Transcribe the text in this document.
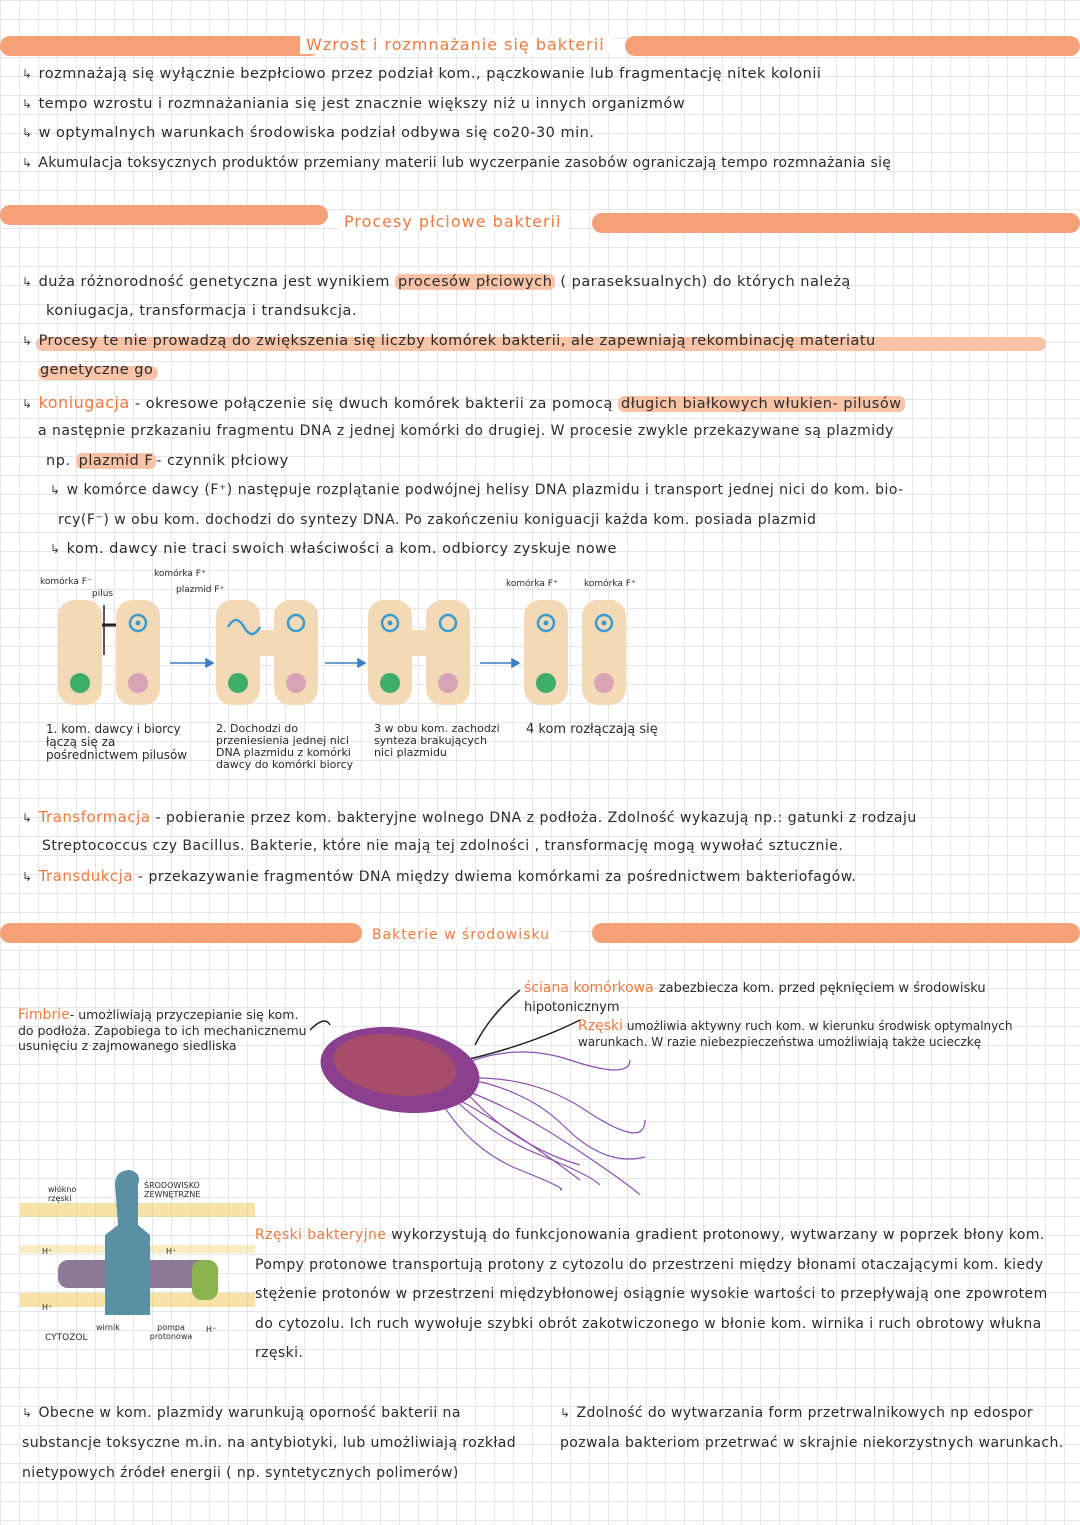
Wzrost i rozmnażanie się bakterii
↳ rozmnażają się wyłącznie bezpłciowo przez podział kom., pączkowanie lub fragmentację nitek kolonii
↳ tempo wzrostu i rozmnażaniania się jest znacznie większy niż u innych organizmów
↳ w optymalnych warunkach środowiska podział odbywa się co20-30 min.
↳ Akumulacja toksycznych produktów przemiany materii lub wyczerpanie zasobów ograniczają tempo rozmnażania się
Procesy płciowe bakterii
↳ duża różnorodność genetyczna jest wynikiem procesów płciowych ( paraseksualnych) do których należą
koniugacja, transformacja i trandsukcja.
↳ Procesy te nie prowadzą do zwiększenia się liczby komórek bakterii, ale zapewniają rekombinację materiatu
genetyczne go
↳ koniugacja - okresowe połączenie się dwuch komórek bakterii za pomocą długich białkowych włukien- pilusów
a następnie przkazaniu fragmentu DNA z jednej komórki do drugiej. W procesie zwykle przekazywane są plazmidy
np. plazmid F - czynnik płciowy
↳ w komórce dawcy (F⁺) następuje rozplątanie podwójnej helisy DNA plazmidu i transport jednej nici do kom. bio-
rcy(F⁻) w obu kom. dochodzi do syntezy DNA. Po zakończeniu koniguacji każda kom. posiada plazmid
↳ kom. dawcy nie traci swoich właściwości a kom. odbiorcy zyskuje nowe
komórka F⁻
pilus
komórka F⁺
plazmid F⁺
komórka F⁺	komórka F⁺
1. kom. dawcy i biorcy łączą się za pośrednictwem pilusów
2. Dochodzi do przeniesienia jednej nici DNA plazmidu z komórki dawcy do komórki biorcy
3 w obu kom. zachodzi synteza brakujących nici plazmidu
4 kom rozłączają się
↳ Transformacja - pobieranie przez kom. bakteryjne wolnego DNA z podłoża. Zdolność wykazują np.: gatunki z rodzaju
Streptococcus czy Bacillus. Bakterie, które nie mają tej zdolności , transformację mogą wywołać sztucznie.
↳ Transdukcja - przekazywanie fragmentów DNA między dwiema komórkami za pośrednictwem bakteriofagów.
Bakterie w środowisku
ściana komórkowa zabezbiecza kom. przed pęknięciem w środowisku hipotonicznym
Rzęski umożliwia aktywny ruch kom. w kierunku środwisk optymalnych warunkach. W razie niebezpieczeństwa umożliwiają także ucieczkę
Fimbrie- umożliwiają przyczepianie się kom. do podłoża. Zapobiega to ich mechanicznemu usunięciu z zajmowanego siedliska
włókno rzęski
ŚRODOWISKO ZEWNĘTRZNE
H⁺	H⁺
H⁺
H⁺
CYTOZOL
wirnik	pompa protonowa
Rzęski bakteryjne wykorzystują do funkcjonowania gradient protonowy, wytwarzany w poprzek błony kom. Pompy protonowe transportują protony z cytozolu do przestrzeni między błonami otaczającymi kom. kiedy stężenie protonów w przestrzeni międzybłonowej osiągnie wysokie wartości to przepływają one zpowrotem do cytozolu. Ich ruch wywołuje szybki obrót zakotwiczonego w błonie kom. wirnika i ruch obrotowy włukna rzęski.
↳ Obecne w kom. plazmidy warunkują oporność bakterii na substancje toksyczne m.in. na antybiotyki, lub umożliwiają rozkład nietypowych źródeł energii ( np. syntetycznych polimerów)
↳ Zdolność do wytwarzania form przetrwalnikowych np edospor pozwala bakteriom przetrwać w skrajnie niekorzystnych warunkach.
